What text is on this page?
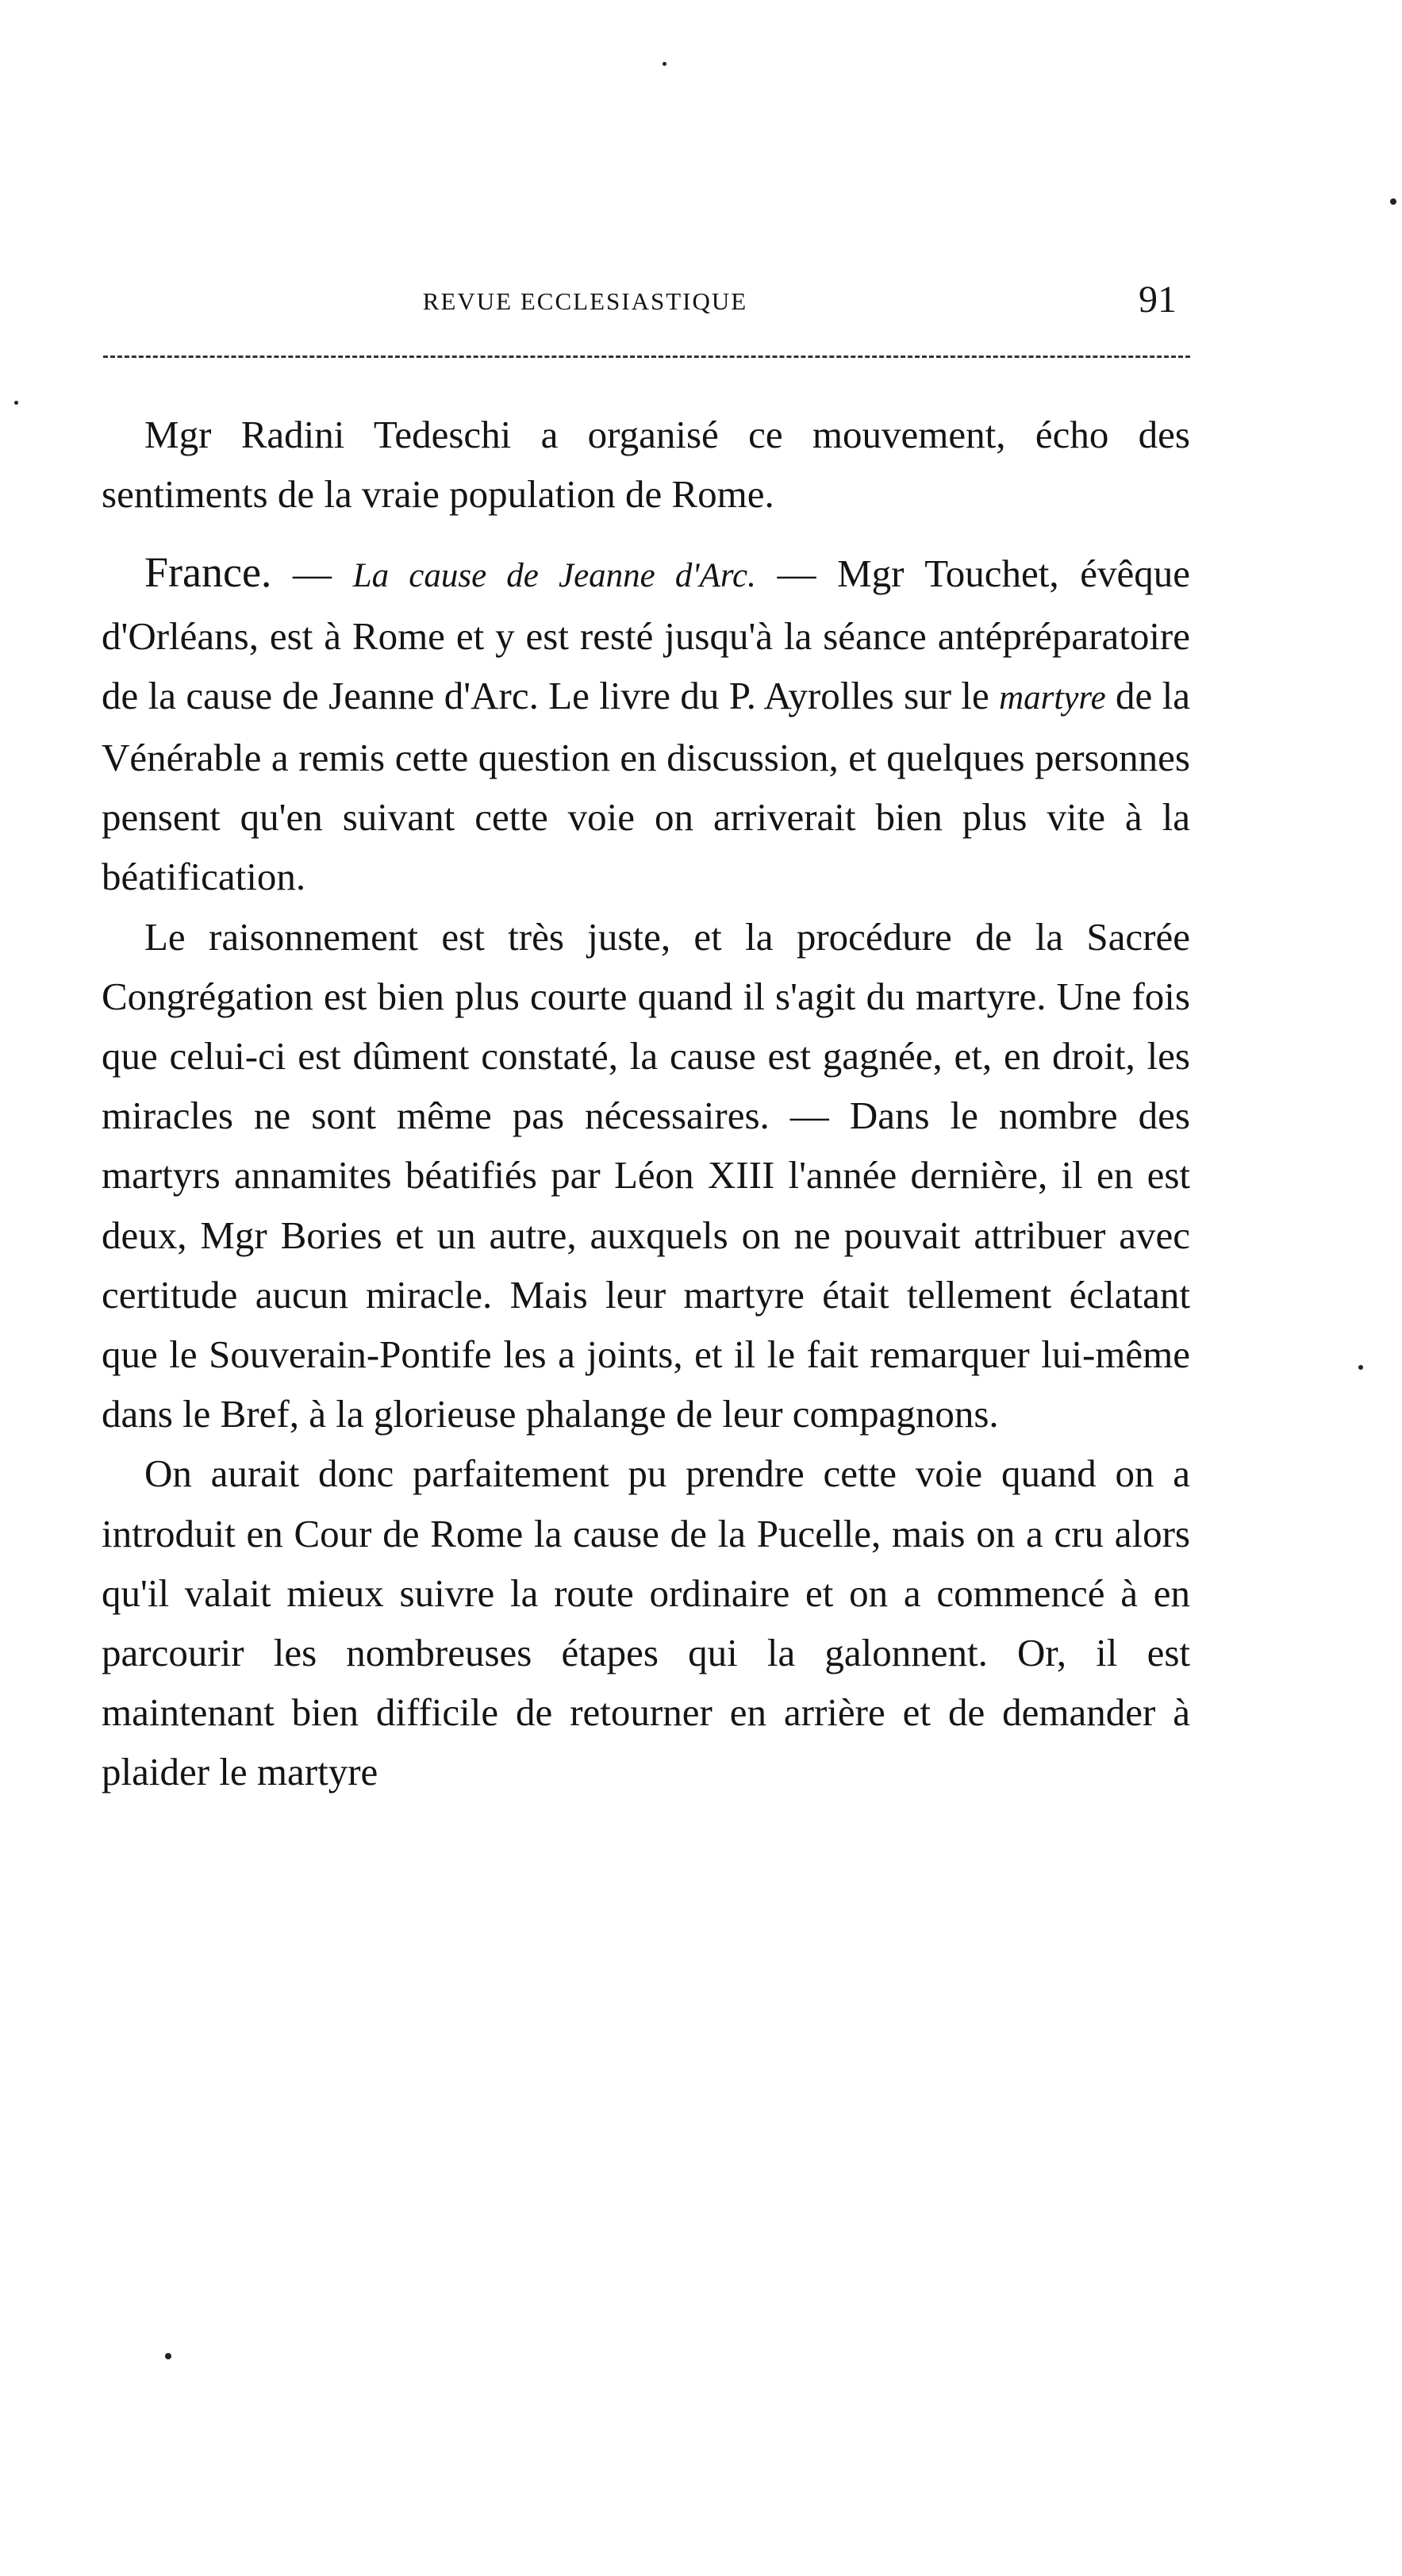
REVUE ECCLESIASTIQUE	91

Mgr Radini Tedeschi a organisé ce mouvement, écho des sentiments de la vraie population de Rome.

France. — La cause de Jeanne d'Arc. — Mgr Touchet, évêque d'Orléans, est à Rome et y est resté jusqu'à la séance antépréparatoire de la cause de Jeanne d'Arc. Le livre du P. Ayrolles sur le martyre de la Vénérable a remis cette question en discussion, et quelques personnes pensent qu'en suivant cette voie on arriverait bien plus vite à la béatification.

Le raisonnement est très juste, et la procédure de la Sacrée Congrégation est bien plus courte quand il s'agit du martyre. Une fois que celui-ci est dûment constaté, la cause est gagnée, et, en droit, les miracles ne sont même pas nécessaires. — Dans le nombre des martyrs annamites béatifiés par Léon XIII l'année dernière, il en est deux, Mgr Bories et un autre, auxquels on ne pouvait attribuer avec certitude aucun miracle. Mais leur martyre était tellement éclatant que le Souverain-Pontife les a joints, et il le fait remarquer lui-même dans le Bref, à la glorieuse phalange de leur compagnons.

On aurait donc parfaitement pu prendre cette voie quand on a introduit en Cour de Rome la cause de la Pucelle, mais on a cru alors qu'il valait mieux suivre la route ordinaire et on a commencé à en parcourir les nombreuses étapes qui la galonnent. Or, il est maintenant bien difficile de retourner en arrière et de demander à plaider le martyre
